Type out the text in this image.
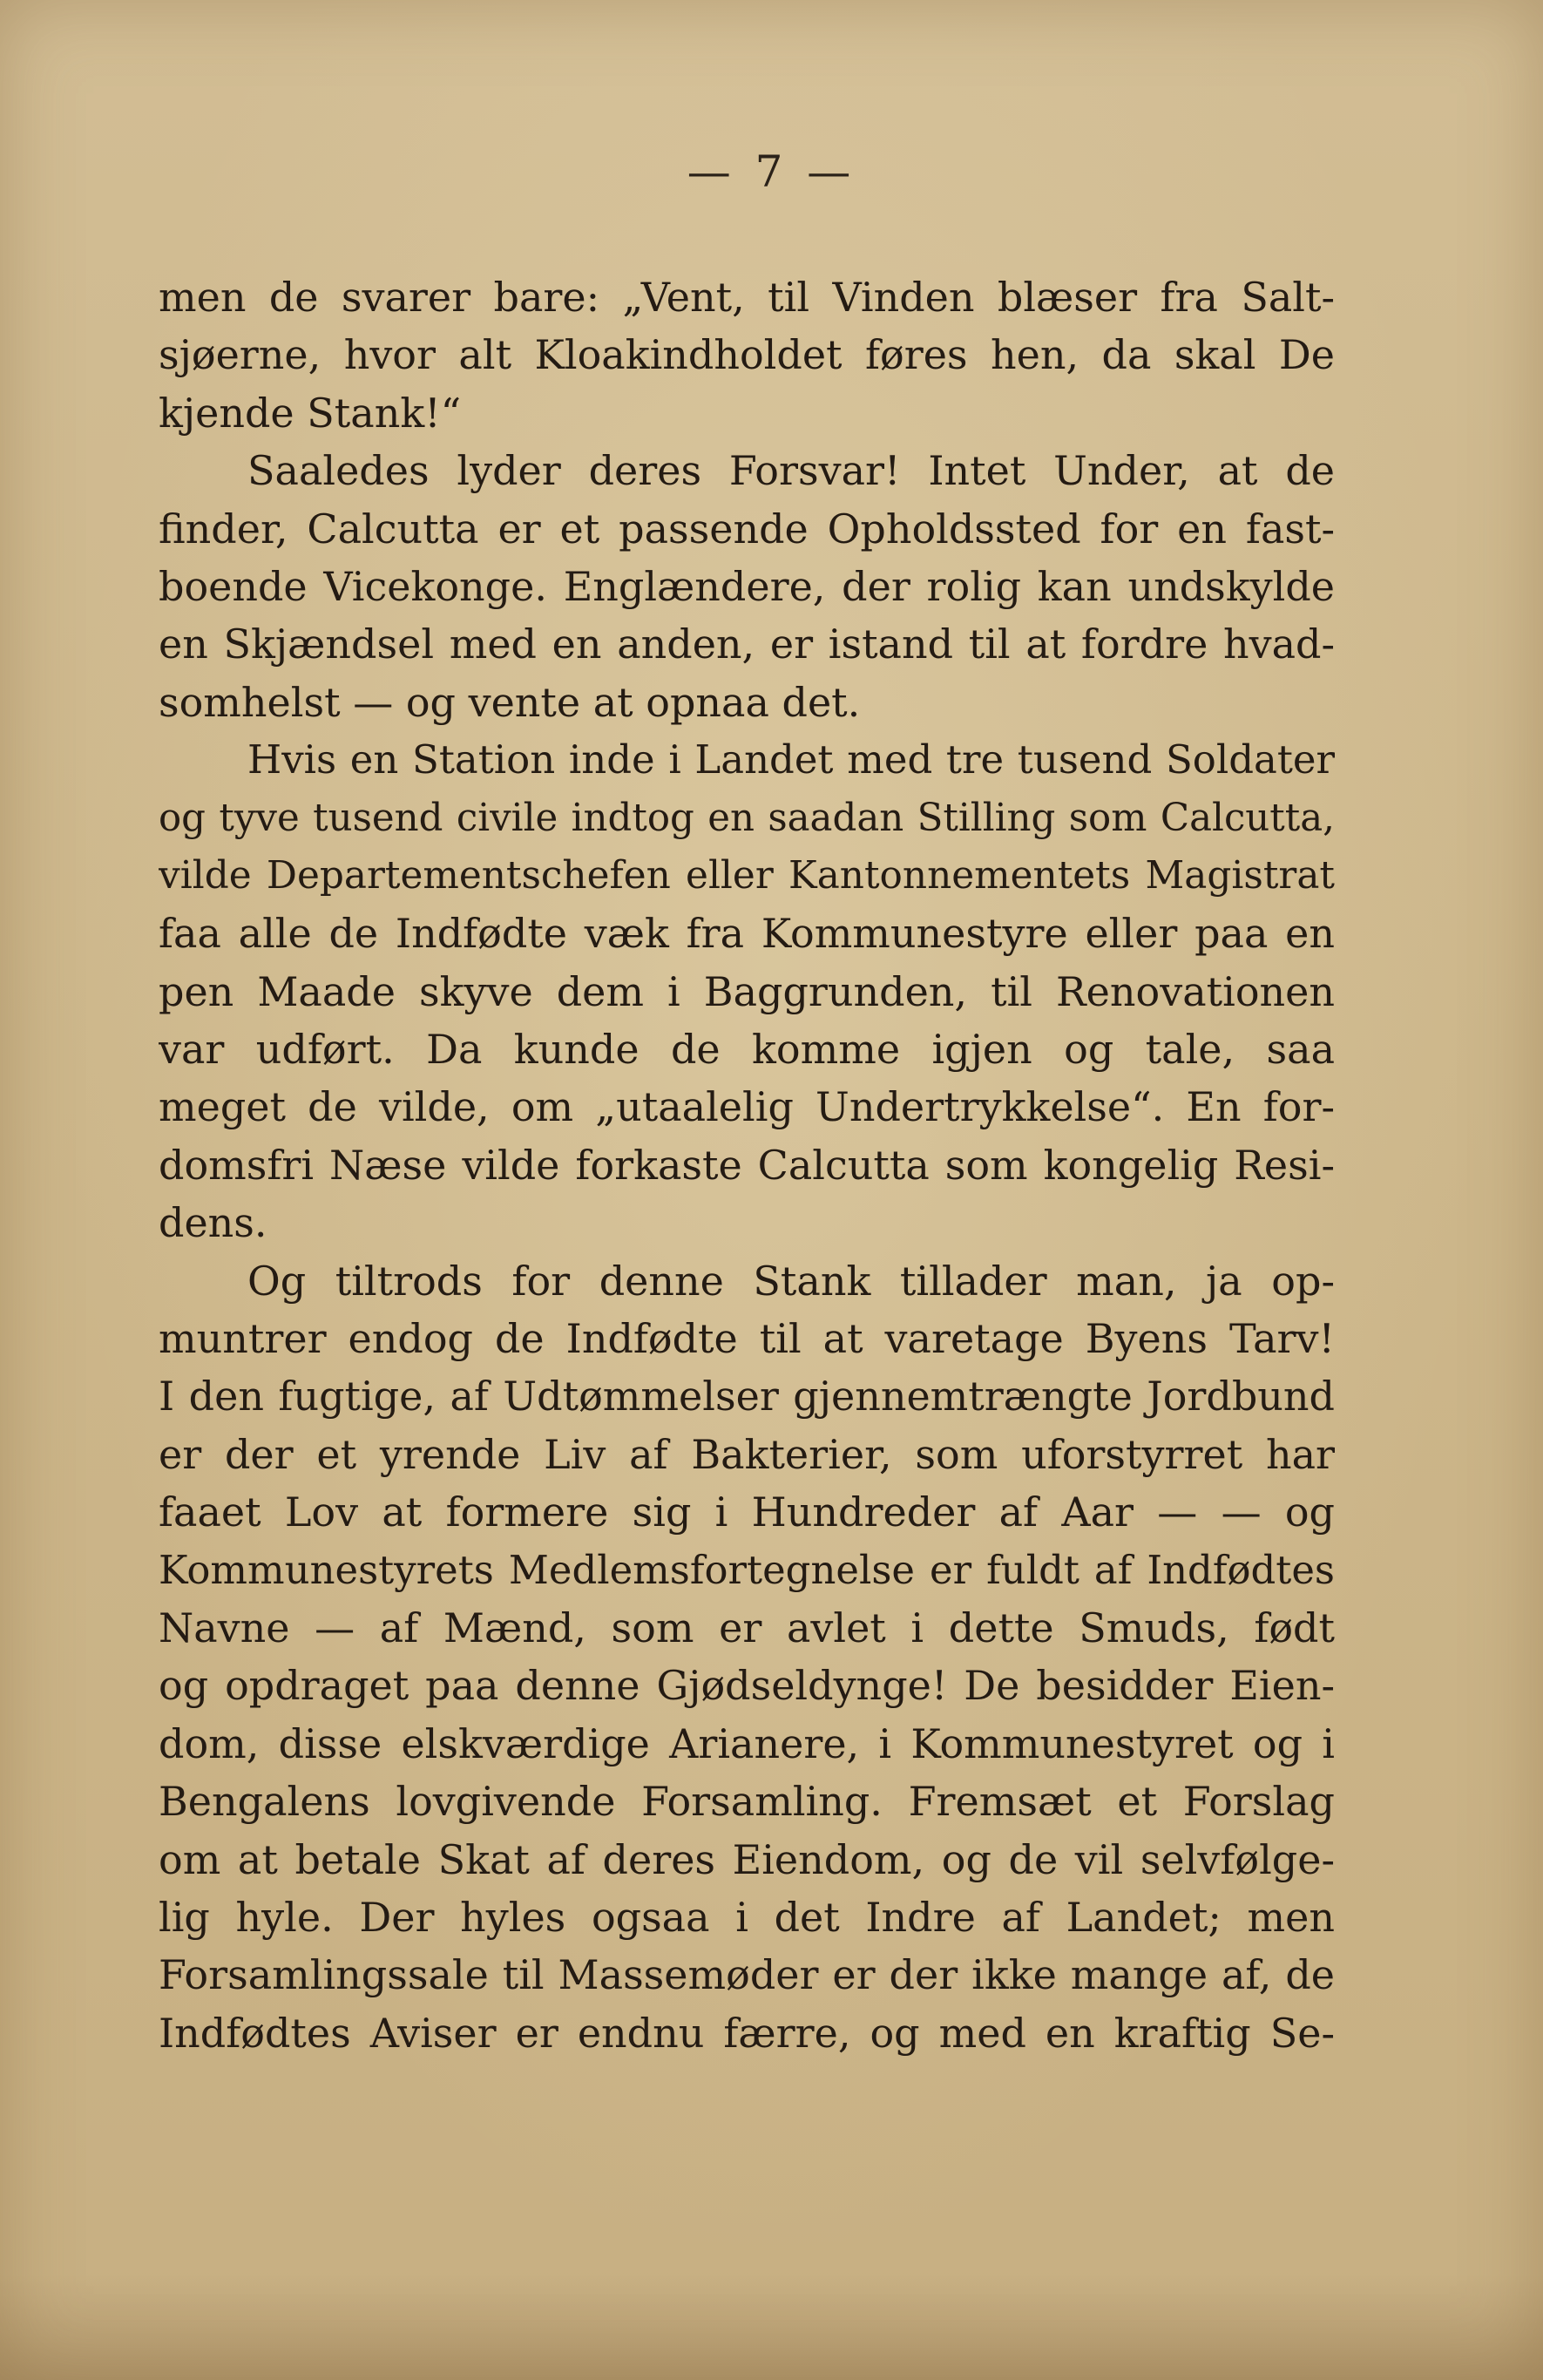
— 7 —
men de svarer bare: „Vent, til Vinden blæser fra Salt-
sjøerne, hvor alt Kloakindholdet føres hen, da skal De
kjende Stank!“
Saaledes lyder deres Forsvar! Intet Under, at de
finder, Calcutta er et passende Opholdssted for en fast-
boende Vicekonge. Englændere, der rolig kan undskylde
en Skjændsel med en anden, er istand til at fordre hvad-
somhelst — og vente at opnaa det.
Hvis en Station inde i Landet med tre tusend Soldater
og tyve tusend civile indtog en saadan Stilling som Calcutta,
vilde Departementschefen eller Kantonnementets Magistrat
faa alle de Indfødte væk fra Kommunestyre eller paa en
pen Maade skyve dem i Baggrunden, til Renovationen
var udført. Da kunde de komme igjen og tale, saa
meget de vilde, om „utaalelig Undertrykkelse“. En for-
domsfri Næse vilde forkaste Calcutta som kongelig Resi-
dens.
Og tiltrods for denne Stank tillader man, ja op-
muntrer endog de Indfødte til at varetage Byens Tarv!
I den fugtige, af Udtømmelser gjennemtrængte Jordbund
er der et yrende Liv af Bakterier, som uforstyrret har
faaet Lov at formere sig i Hundreder af Aar — — og
Kommunestyrets Medlemsfortegnelse er fuldt af Indfødtes
Navne — af Mænd, som er avlet i dette Smuds, født
og opdraget paa denne Gjødseldynge! De besidder Eien-
dom, disse elskværdige Arianere, i Kommunestyret og i
Bengalens lovgivende Forsamling. Fremsæt et Forslag
om at betale Skat af deres Eiendom, og de vil selvfølge-
lig hyle. Der hyles ogsaa i det Indre af Landet; men
Forsamlingssale til Massemøder er der ikke mange af, de
Indfødtes Aviser er endnu færre, og med en kraftig Se-
